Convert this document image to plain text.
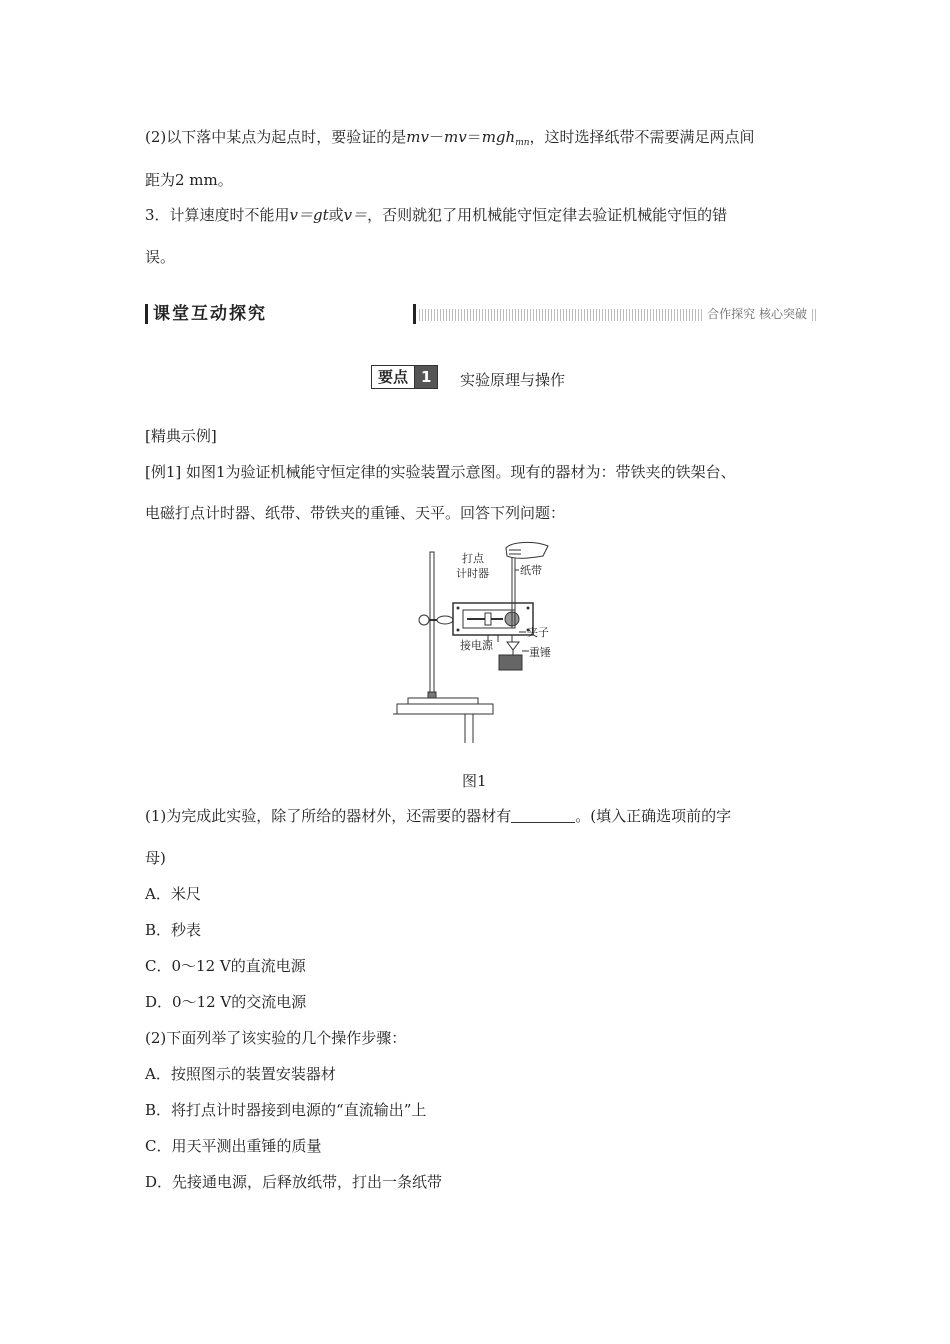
(2)以下落中某点为起点时，要验证的是mv－mv＝mgh$_{mn}$，这时选择纸带不需要满足两点间
距为2 mm。
3．计算速度时不能用v＝gt或v＝，否则就犯了用机械能守恒定律去验证机械能守恒的错
误。
课堂互动探究	合作探究 核心突破
要点 1	实验原理与操作
[精典示例]
[例1] 如图1为验证机械能守恒定律的实验装置示意图。现有的器材为：带铁夹的铁架台、
电磁打点计时器、纸带、带铁夹的重锤、天平。回答下列问题：
打点
计时器	纸带
接电源
夹子
重锤
图1
(1)为完成此实验，除了所给的器材外，还需要的器材有	。(填入正确选项前的字
母)
A．米尺
B．秒表
C．0～12 V的直流电源
D．0～12 V的交流电源
(2)下面列举了该实验的几个操作步骤：
A．按照图示的装置安装器材
B．将打点计时器接到电源的“直流输出”上
C．用天平测出重锤的质量
D．先接通电源，后释放纸带，打出一条纸带
